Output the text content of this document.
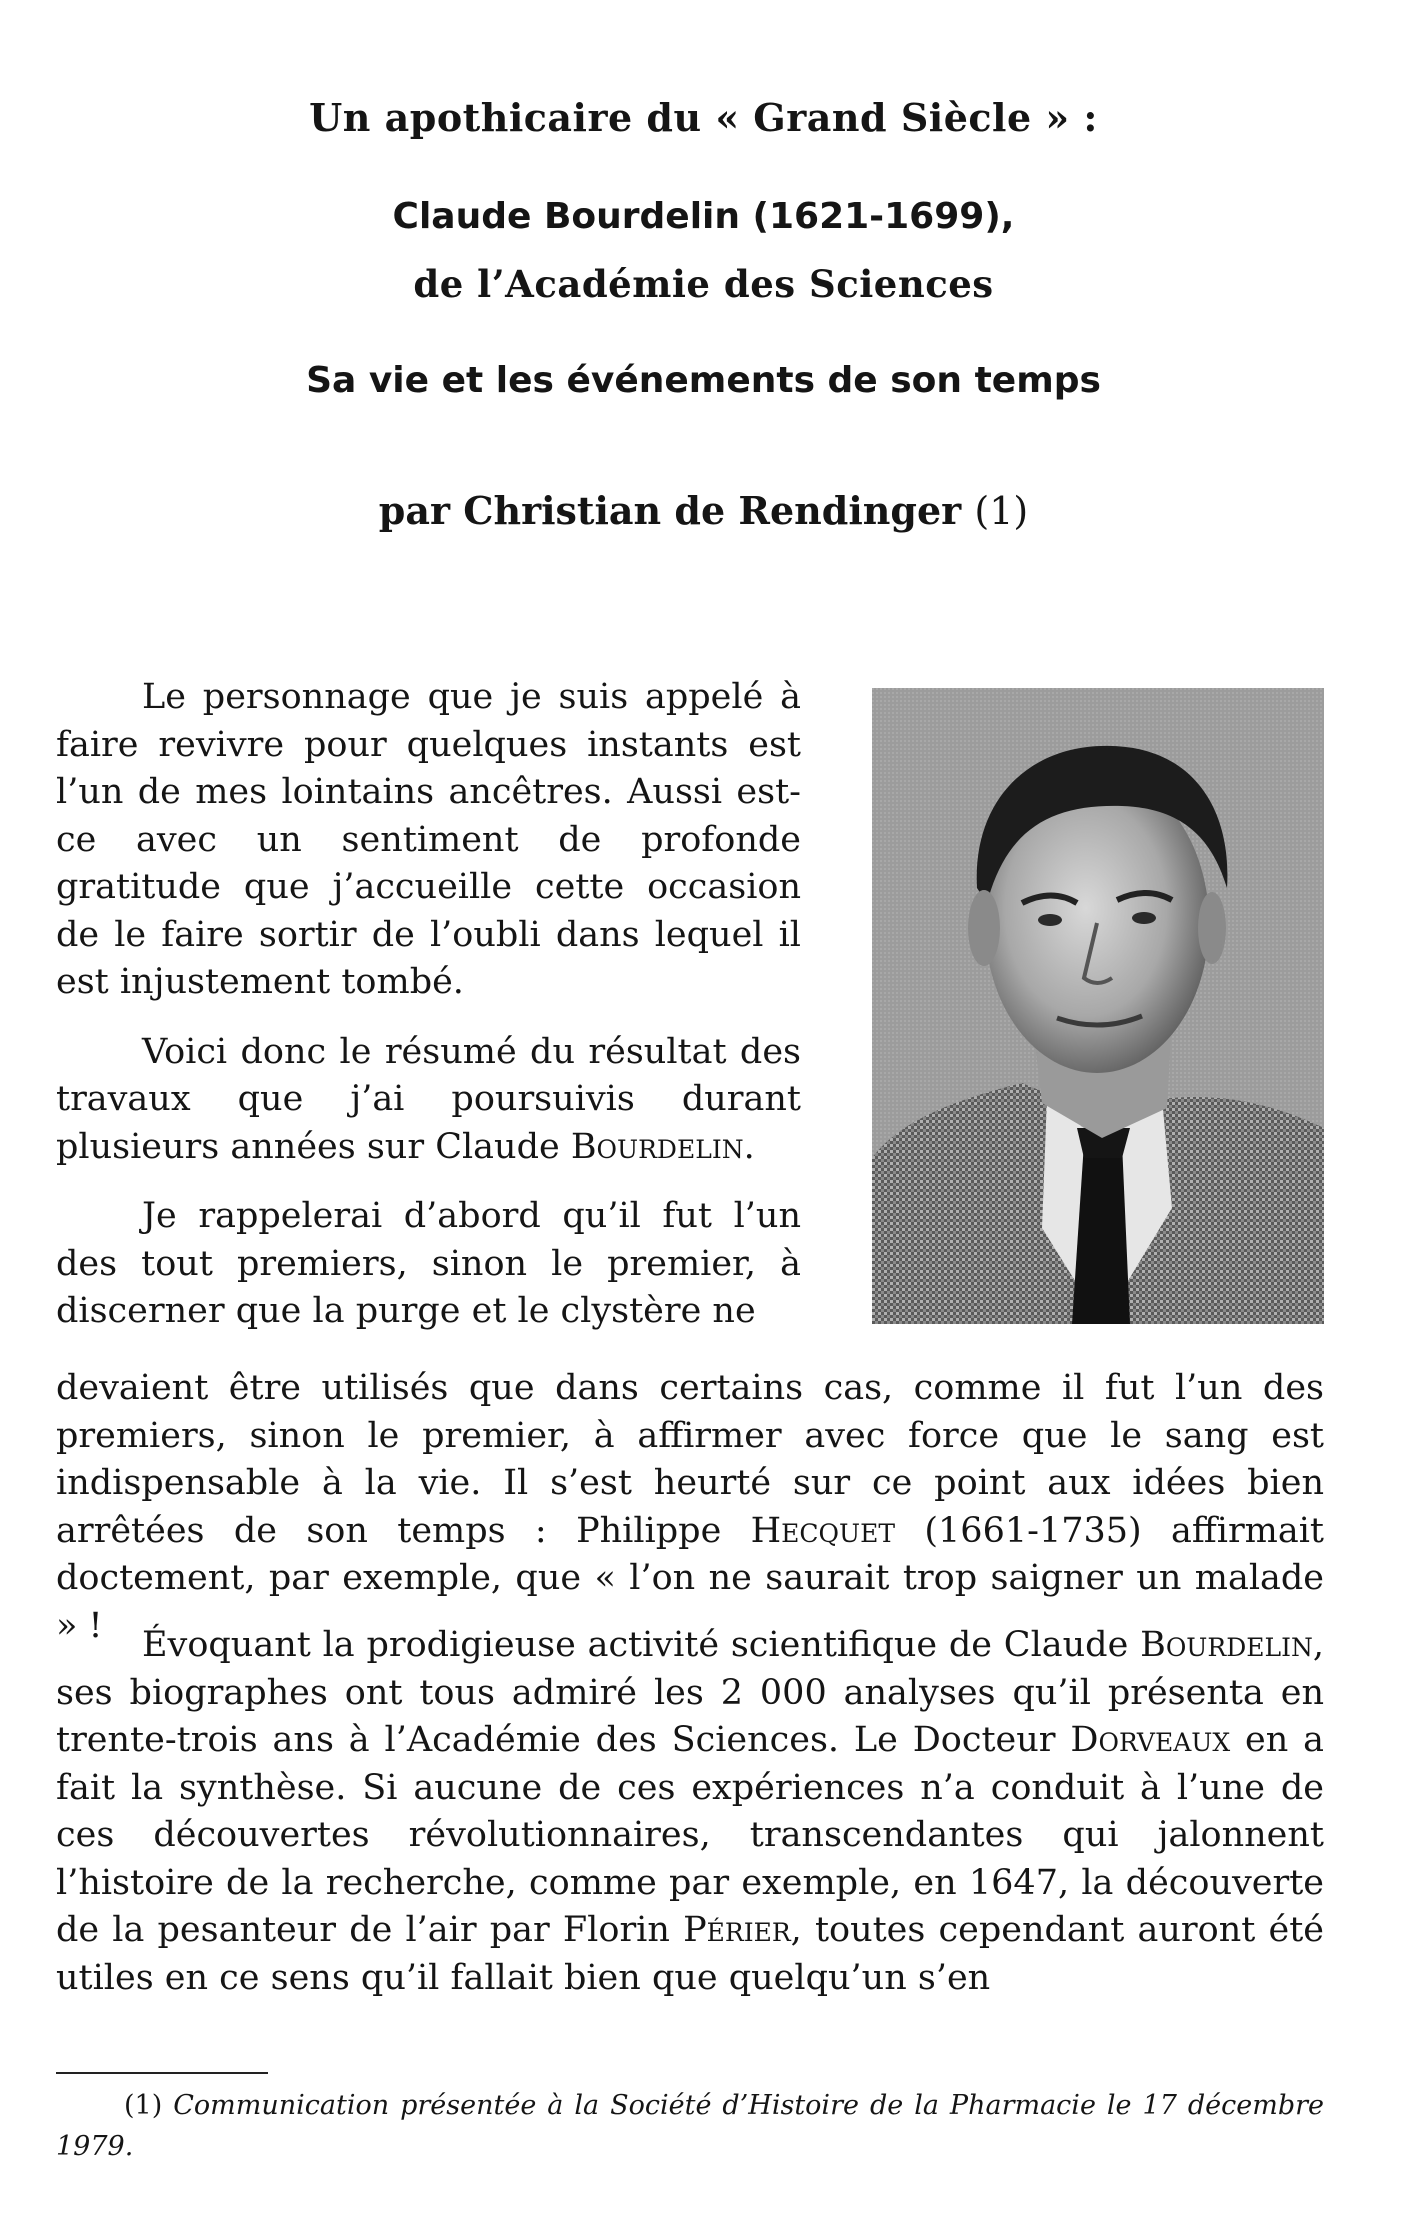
Un apothicaire du « Grand Siècle » :
Claude Bourdelin (1621-1699),
de l’Académie des Sciences
Sa vie et les événements de son temps
par Christian de Rendinger (1)

Le personnage que je suis appelé à faire revivre pour quelques instants est l’un de mes lointains ancêtres. Aussi est-ce avec un sentiment de profonde gratitude que j’accueille cette occasion de le faire sortir de l’oubli dans lequel il est injustement tombé.

Voici donc le résumé du résultat des travaux que j’ai poursuivis durant plusieurs années sur Claude Bourdelin.

Je rappelerai d’abord qu’il fut l’un des tout premiers, sinon le premier, à discerner que la purge et le clystère ne

devaient être utilisés que dans certains cas, comme il fut l’un des premiers, sinon le premier, à affirmer avec force que le sang est indispensable à la vie. Il s’est heurté sur ce point aux idées bien arrêtées de son temps : Philippe Hecquet (1661-1735) affirmait doctement, par exemple, que « l’on ne saurait trop saigner un malade » !	Évoquant la prodigieuse activité scientifique de Claude Bourdelin, ses biographes ont tous admiré les 2 000 analyses qu’il présenta en trente-trois ans à l’Académie des Sciences. Le Docteur Dorveaux en a fait la synthèse. Si aucune de ces expériences n’a conduit à l’une de ces découvertes révolutionnaires, transcendantes qui jalonnent l’histoire de la recherche, comme par exemple, en 1647, la découverte de la pesanteur de l’air par Florin Périer, toutes cependant auront été utiles en ce sens qu’il fallait bien que quelqu’un s’en

(1) Communication présentée à la Société d’Histoire de la Pharmacie le 17 décembre 1979.
